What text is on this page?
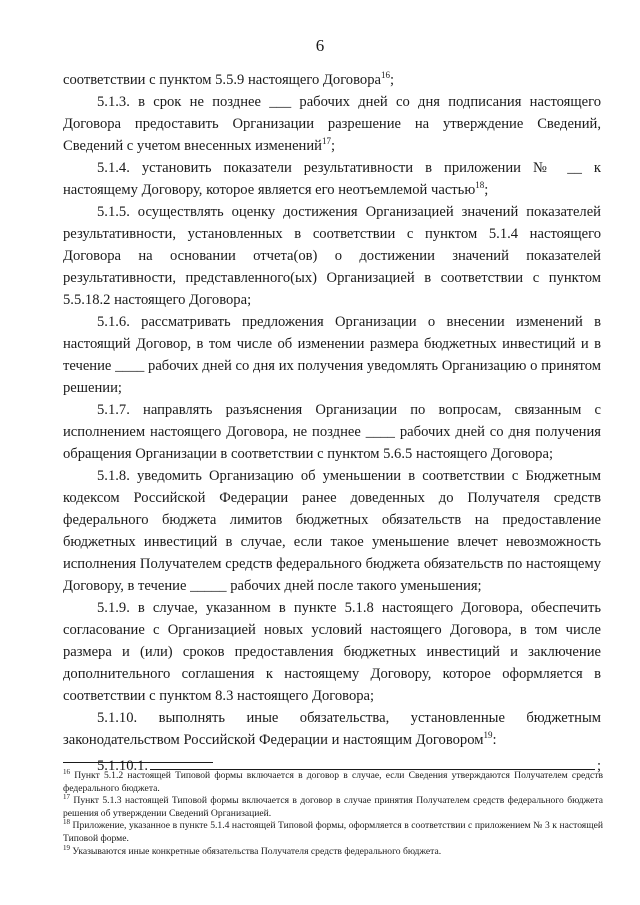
6

соответствии с пунктом 5.5.9 настоящего Договора$^{16}$;

5.1.3. в срок не позднее ___ рабочих дней со дня подписания настоящего Договора предоставить Организации разрешение на утверждение Сведений, Сведений с учетом внесенных изменений$^{17}$;

5.1.4. установить показатели результативности в приложении № __ к настоящему Договору, которое является его неотъемлемой частью$^{18}$;

5.1.5. осуществлять оценку достижения Организацией значений показателей результативности, установленных в соответствии с пунктом 5.1.4 настоящего Договора на основании отчета(ов) о достижении значений показателей результативности, представленного(ых) Организацией в соответствии с пунктом 5.5.18.2 настоящего Договора;

5.1.6. рассматривать предложения Организации о внесении изменений в настоящий Договор, в том числе об изменении размера бюджетных инвестиций и в течение ____ рабочих дней со дня их получения уведомлять Организацию о принятом решении;

5.1.7. направлять разъяснения Организации по вопросам, связанным с исполнением настоящего Договора, не позднее ____ рабочих дней со дня получения обращения Организации в соответствии с пунктом 5.6.5 настоящего Договора;

5.1.8. уведомить Организацию об уменьшении в соответствии с Бюджетным кодексом Российской Федерации ранее доведенных до Получателя средств федерального бюджета лимитов бюджетных обязательств на предоставление бюджетных инвестиций в случае, если такое уменьшение влечет невозможность исполнения Получателем средств федерального бюджета обязательств по настоящему Договору, в течение _____ рабочих дней после такого уменьшения;

5.1.9. в случае, указанном в пункте 5.1.8 настоящего Договора, обеспечить согласование с Организацией новых условий настоящего Договора, в том числе размера и (или) сроков предоставления бюджетных инвестиций и заключение дополнительного соглашения к настоящему Договору, которое оформляется в соответствии с пунктом 8.3 настоящего Договора;

5.1.10. выполнять иные обязательства, установленные бюджетным законодательством Российской Федерации и настоящим Договором$^{19}$:

5.1.10.1.	;

$^{16}$ Пункт 5.1.2 настоящей Типовой формы включается в договор в случае, если Сведения утверждаются Получателем средств федерального бюджета.

$^{17}$ Пункт 5.1.3 настоящей Типовой формы включается в договор в случае принятия Получателем средств федерального бюджета решения об утверждении Сведений Организацией.

$^{18}$ Приложение, указанное в пункте 5.1.4 настоящей Типовой формы, оформляется в соответствии с приложением № 3 к настоящей Типовой форме.

$^{19}$ Указываются иные конкретные обязательства Получателя средств федерального бюджета.
